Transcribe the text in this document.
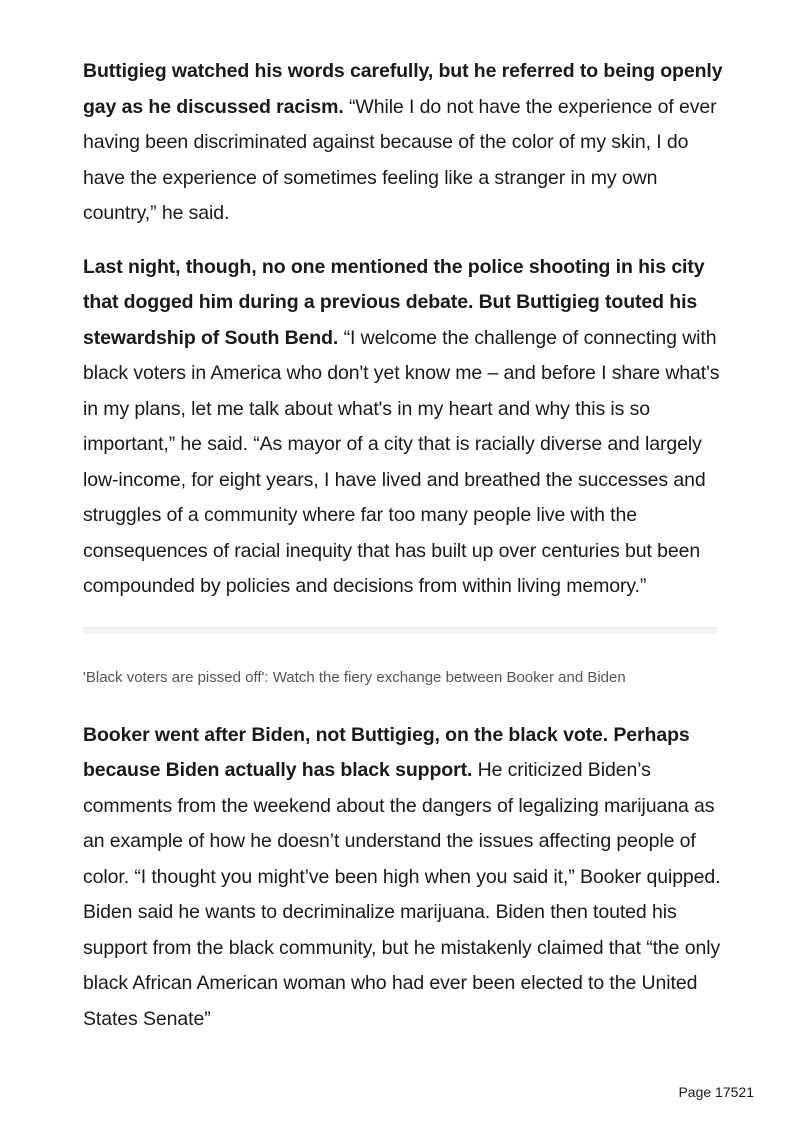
Buttigieg watched his words carefully, but he referred to being openly gay as he discussed racism. “While I do not have the experience of ever having been discriminated against because of the color of my skin, I do have the experience of sometimes feeling like a stranger in my own country,” he said.

Last night, though, no one mentioned the police shooting in his city that dogged him during a previous debate. But Buttigieg touted his stewardship of South Bend. “I welcome the challenge of connecting with black voters in America who don't yet know me – and before I share what's in my plans, let me talk about what's in my heart and why this is so important,” he said. “As mayor of a city that is racially diverse and largely low-income, for eight years, I have lived and breathed the successes and struggles of a community where far too many people live with the consequences of racial inequity that has built up over centuries but been compounded by policies and decisions from within living memory.”

'Black voters are pissed off': Watch the fiery exchange between Booker and Biden

Booker went after Biden, not Buttigieg, on the black vote. Perhaps because Biden actually has black support. He criticized Biden’s comments from the weekend about the dangers of legalizing marijuana as an example of how he doesn’t understand the issues affecting people of color. “I thought you might’ve been high when you said it,” Booker quipped. Biden said he wants to decriminalize marijuana. Biden then touted his support from the black community, but he mistakenly claimed that “the only black African American woman who had ever been elected to the United States Senate”

Page 17521
